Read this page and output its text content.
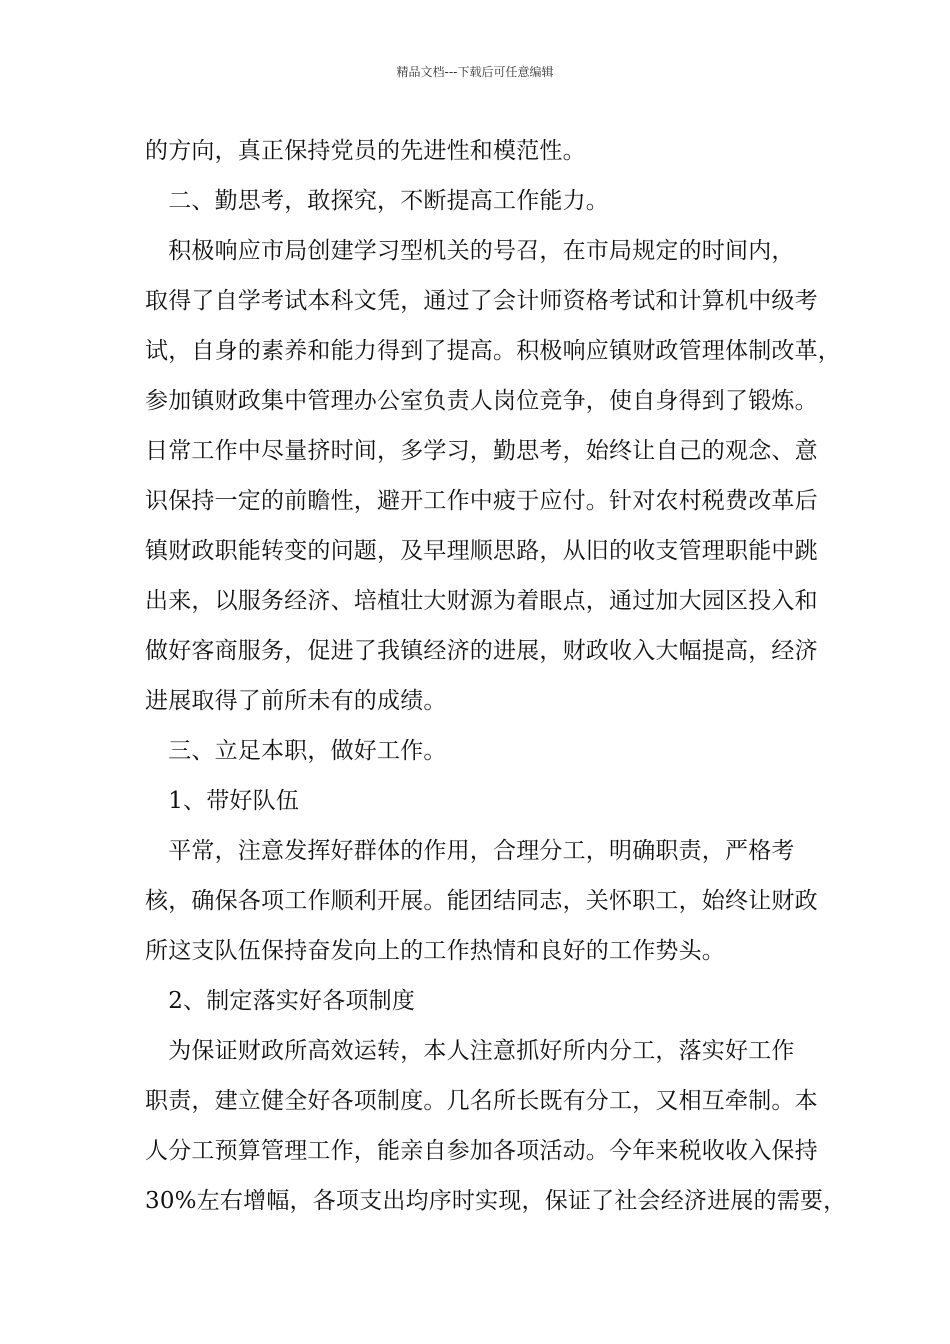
精品文档---下载后可任意编辑
的方向，真正保持党员的先进性和模范性。
　二、勤思考，敢探究，不断提高工作能力。
　积极响应市局创建学习型机关的号召，在市局规定的时间内，
取得了自学考试本科文凭，通过了会计师资格考试和计算机中级考
试，自身的素养和能力得到了提高。积极响应镇财政管理体制改革，
参加镇财政集中管理办公室负责人岗位竞争，使自身得到了锻炼。
日常工作中尽量挤时间，多学习，勤思考，始终让自己的观念、意
识保持一定的前瞻性，避开工作中疲于应付。针对农村税费改革后
镇财政职能转变的问题，及早理顺思路，从旧的收支管理职能中跳
出来，以服务经济、培植壮大财源为着眼点，通过加大园区投入和
做好客商服务，促进了我镇经济的进展，财政收入大幅提高，经济
进展取得了前所未有的成绩。
　三、立足本职，做好工作。
　1、带好队伍
　平常，注意发挥好群体的作用，合理分工，明确职责，严格考
核，确保各项工作顺利开展。能团结同志，关怀职工，始终让财政
所这支队伍保持奋发向上的工作热情和良好的工作势头。
　2、制定落实好各项制度
　为保证财政所高效运转，本人注意抓好所内分工，落实好工作
职责，建立健全好各项制度。几名所长既有分工，又相互牵制。本
人分工预算管理工作，能亲自参加各项活动。今年来税收收入保持
30%左右增幅，各项支出均序时实现，保证了社会经济进展的需要，
